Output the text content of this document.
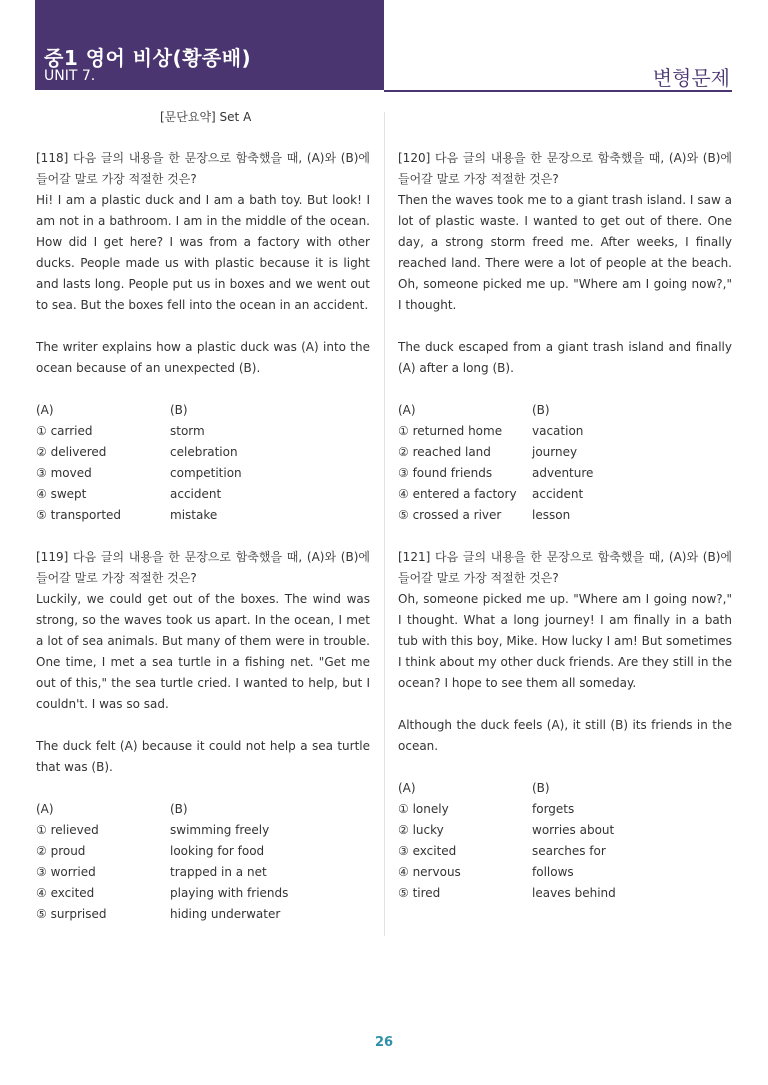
중1 영어 비상(황종배)
UNIT 7.	변형문제
[문단요약] Set A

[118] 다음 글의 내용을 한 문장으로 함축했을 때, (A)와 (B)에 들어갈 말로 가장 적절한 것은?

Hi! I am a plastic duck and I am a bath toy. But look! I am not in a bathroom. I am in the middle of the ocean. How did I get here? I was from a factory with other ducks. People made us with plastic because it is light and lasts long. People put us in boxes and we went out to sea. But the boxes fell into the ocean in an accident.

The writer explains how a plastic duck was (A) into the ocean because of an unexpected (B).

(A)	(B)
① carried	storm
② delivered	celebration
③ moved	competition
④ swept	accident
⑤ transported	mistake

[119] 다음 글의 내용을 한 문장으로 함축했을 때, (A)와 (B)에 들어갈 말로 가장 적절한 것은?

Luckily, we could get out of the boxes. The wind was strong, so the waves took us apart. In the ocean, I met a lot of sea animals. But many of them were in trouble. One time, I met a sea turtle in a fishing net. "Get me out of this," the sea turtle cried. I wanted to help, but I couldn't. I was so sad.

The duck felt (A) because it could not help a sea turtle that was (B).

(A)	(B)
① relieved	swimming freely
② proud	looking for food
③ worried	trapped in a net
④ excited	playing with friends
⑤ surprised	hiding underwater

[120] 다음 글의 내용을 한 문장으로 함축했을 때, (A)와 (B)에 들어갈 말로 가장 적절한 것은?

Then the waves took me to a giant trash island. I saw a lot of plastic waste. I wanted to get out of there. One day, a strong storm freed me. After weeks, I finally reached land. There were a lot of people at the beach. Oh, someone picked me up. "Where am I going now?," I thought.

The duck escaped from a giant trash island and finally (A) after a long (B).

(A)	(B)
① returned home	vacation
② reached land	journey
③ found friends	adventure
④ entered a factory	accident
⑤ crossed a river	lesson

[121] 다음 글의 내용을 한 문장으로 함축했을 때, (A)와 (B)에 들어갈 말로 가장 적절한 것은?

Oh, someone picked me up. "Where am I going now?," I thought. What a long journey! I am finally in a bath tub with this boy, Mike. How lucky I am! But sometimes I think about my other duck friends. Are they still in the ocean? I hope to see them all someday.

Although the duck feels (A), it still (B) its friends in the ocean.

(A)	(B)
① lonely	forgets
② lucky	worries about
③ excited	searches for
④ nervous	follows
⑤ tired	leaves behind
26
